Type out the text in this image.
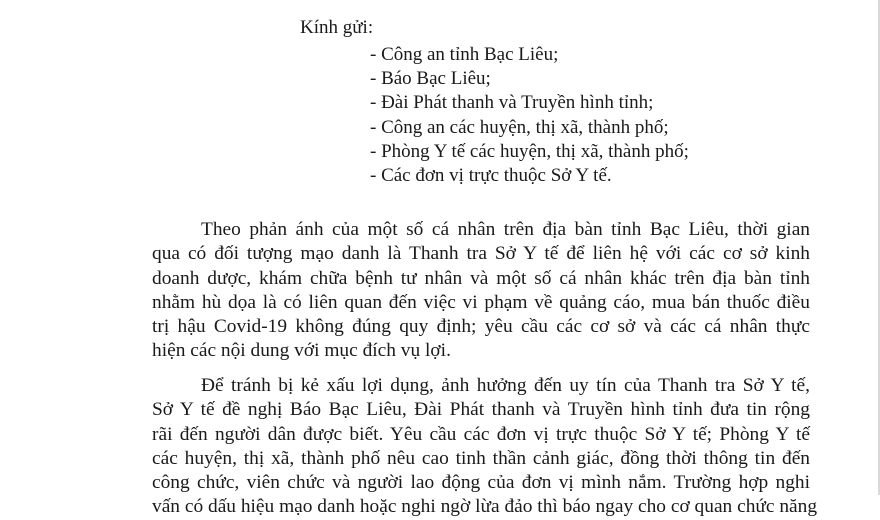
Kính gửi:
- Công an tỉnh Bạc Liêu;
- Báo Bạc Liêu;
- Đài Phát thanh và Truyền hình tỉnh;
- Công an các huyện, thị xã, thành phố;
- Phòng Y tế các huyện, thị xã, thành phố;
- Các đơn vị trực thuộc Sở Y tế.
Theo phản ánh của một số cá nhân trên địa bàn tỉnh Bạc Liêu, thời gian
qua có đối tượng mạo danh là Thanh tra Sở Y tế để liên hệ với các cơ sở kinh
doanh dược, khám chữa bệnh tư nhân và một số cá nhân khác trên địa bàn tỉnh
nhằm hù dọa là có liên quan đến việc vi phạm về quảng cáo, mua bán thuốc điều
trị hậu Covid-19 không đúng quy định; yêu cầu các cơ sở và các cá nhân thực
hiện các nội dung với mục đích vụ lợi.
Để tránh bị kẻ xấu lợi dụng, ảnh hưởng đến uy tín của Thanh tra Sở Y tế,
Sở Y tế đề nghị Báo Bạc Liêu, Đài Phát thanh và Truyền hình tỉnh đưa tin rộng
rãi đến người dân được biết. Yêu cầu các đơn vị trực thuộc Sở Y tế; Phòng Y tế
các huyện, thị xã, thành phố nêu cao tinh thần cảnh giác, đồng thời thông tin đến
công chức, viên chức và người lao động của đơn vị mình nắm. Trường hợp nghi
vấn có dấu hiệu mạo danh hoặc nghi ngờ lừa đảo thì báo ngay cho cơ quan chức năng
